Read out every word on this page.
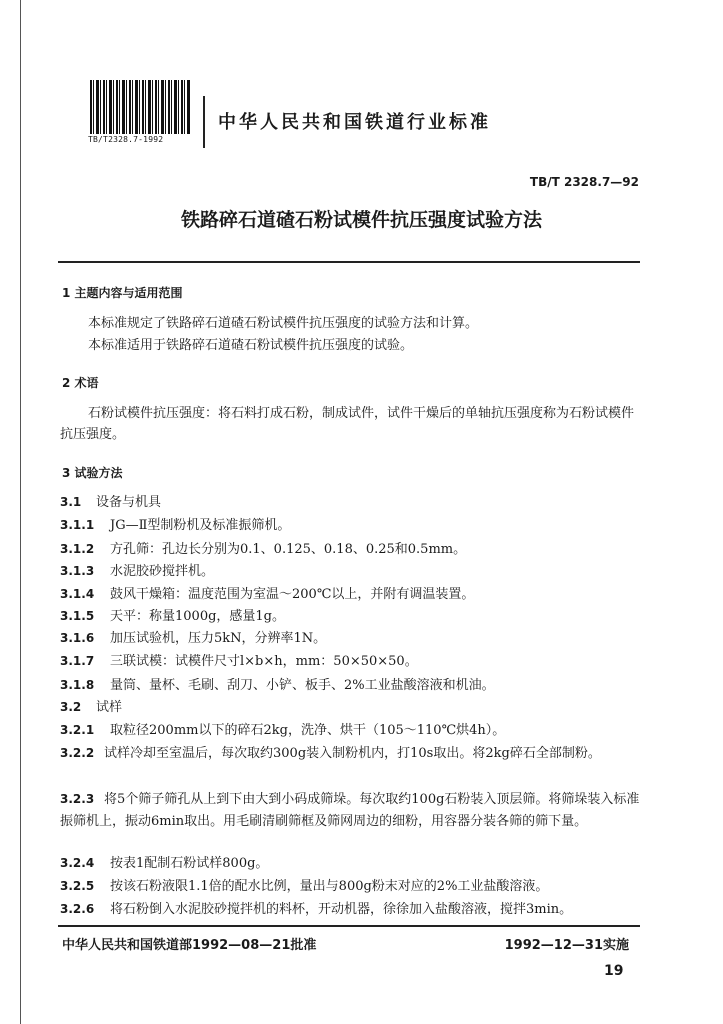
TB/T2328.7-1992
中华人民共和国铁道行业标准
TB/T 2328.7—92
铁路碎石道碴石粉试模件抗压强度试验方法
1 主题内容与适用范围
本标准规定了铁路碎石道碴石粉试模件抗压强度的试验方法和计算。
本标准适用于铁路碎石道碴石粉试模件抗压强度的试验。
2 术语
石粉试模件抗压强度：将石料打成石粉，制成试件，试件干燥后的单轴抗压强度称为石粉试模件抗压强度。
3 试验方法
3.1 设备与机具
3.1.1 JG—Ⅱ型制粉机及标准振筛机。
3.1.2 方孔筛：孔边长分别为0.1、0.125、0.18、0.25和0.5mm。
3.1.3 水泥胶砂搅拌机。
3.1.4 鼓风干燥箱：温度范围为室温～200℃以上，并附有调温装置。
3.1.5 天平：称量1000g，感量1g。
3.1.6 加压试验机，压力5kN，分辨率1N。
3.1.7 三联试模：试模件尺寸l×b×h，mm：50×50×50。
3.1.8 量筒、量杯、毛刷、刮刀、小铲、板手、2%工业盐酸溶液和机油。
3.2 试样
3.2.1 取粒径200mm以下的碎石2kg，洗净、烘干（105～110℃烘4h）。
3.2.2 试样冷却至室温后，每次取约300g装入制粉机内，打10s取出。将2kg碎石全部制粉。
3.2.3 将5个筛子筛孔从上到下由大到小码成筛垛。每次取约100g石粉装入顶层筛。将筛垛装入标准振筛机上，振动6min取出。用毛刷清刷筛框及筛网周边的细粉，用容器分装各筛的筛下量。
3.2.4 按表1配制石粉试样800g。
3.2.5 按该石粉液限1.1倍的配水比例，量出与800g粉末对应的2%工业盐酸溶液。
3.2.6 将石粉倒入水泥胶砂搅拌机的料杯，开动机器，徐徐加入盐酸溶液，搅拌3min。
中华人民共和国铁道部1992—08—21批准	1992—12—31实施
19
